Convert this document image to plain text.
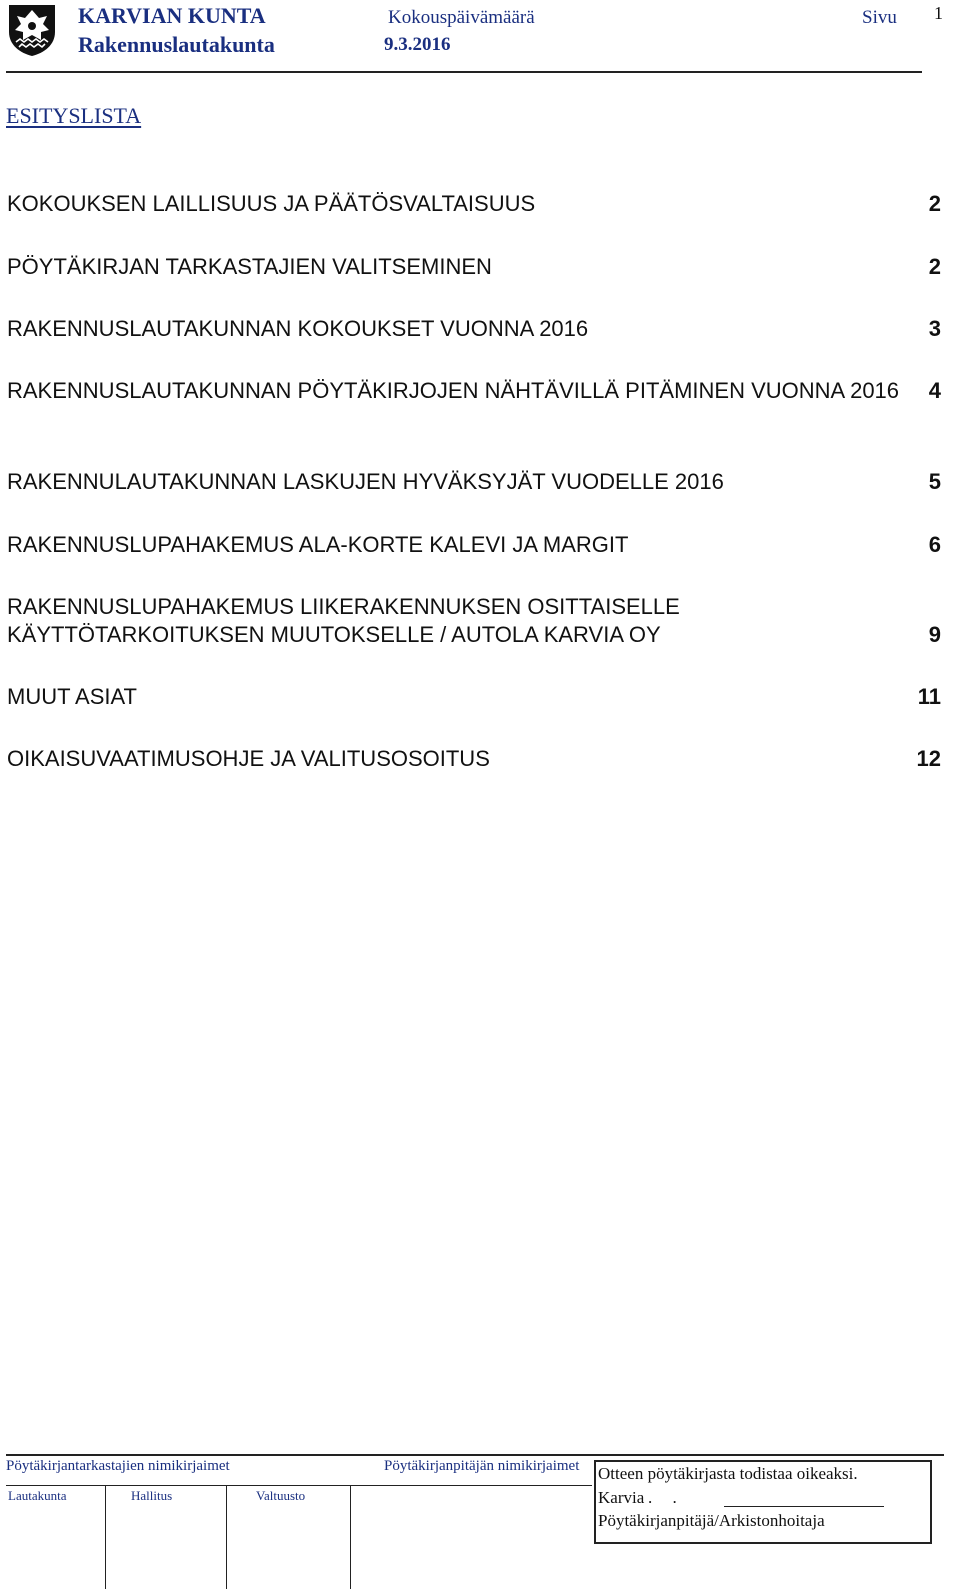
KARVIAN KUNTA
Rakennuslautakunta
Kokouspäivämäärä
9.3.2016
Sivu 1
ESITYSLISTA
KOKOUKSEN LAILLISUUS JA PÄÄTÖSVALTAISUUS	2
PÖYTÄKIRJAN TARKASTAJIEN VALITSEMINEN	2
RAKENNUSLAUTAKUNNAN KOKOUKSET VUONNA 2016	3
RAKENNUSLAUTAKUNNAN PÖYTÄKIRJOJEN NÄHTÄVILLÄ PITÄMINEN VUONNA 2016	4
RAKENNULAUTAKUNNAN LASKUJEN HYVÄKSYJÄT VUODELLE 2016	5
RAKENNUSLUPAHAKEMUS ALA-KORTE KALEVI JA MARGIT	6
RAKENNUSLUPAHAKEMUS LIIKERAKENNUKSEN OSITTAISELLE KÄYTTÖTARKOITUKSEN MUUTOKSELLE / AUTOLA KARVIA OY	9
MUUT ASIAT	11
OIKAISUVAATIMUSOHJE JA VALITUSOSOITUS	12
Pöytäkirjantarkastajien nimikirjaimet	Pöytäkirjanpitäjän nimikirjaimet
Lautakunta	Hallitus	Valtuusto
Otteen pöytäkirjasta todistaa oikeaksi.
Karvia . .
Pöytäkirjanpitäjä/Arkistonhoitaja
